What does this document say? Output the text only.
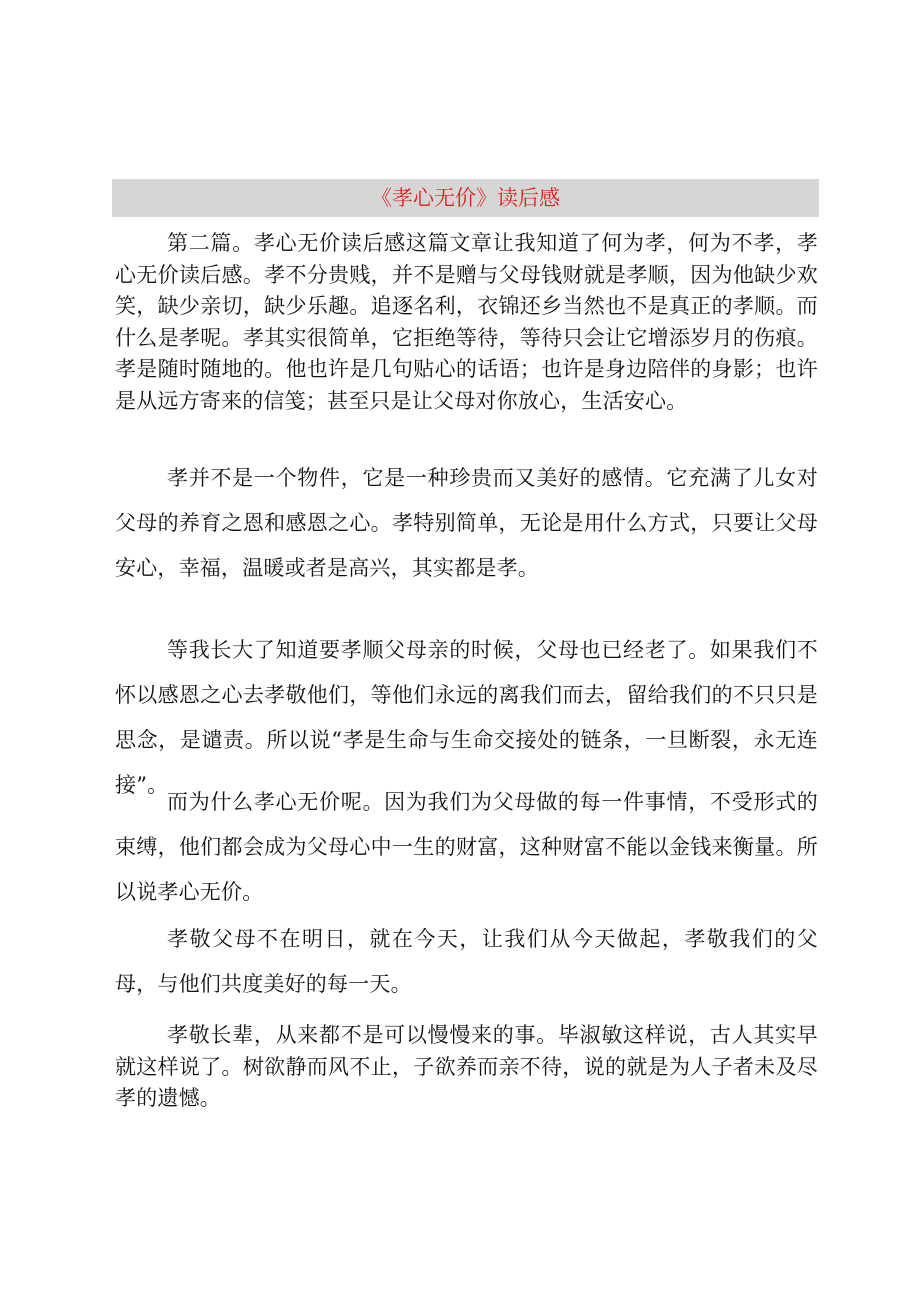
《孝心无价》读后感

第二篇。孝心无价读后感这篇文章让我知道了何为孝，何为不孝，孝心无价读后感。孝不分贵贱，并不是赠与父母钱财就是孝顺，因为他缺少欢笑，缺少亲切，缺少乐趣。追逐名利，衣锦还乡当然也不是真正的孝顺。而什么是孝呢。孝其实很简单，它拒绝等待，等待只会让它增添岁月的伤痕。孝是随时随地的。他也许是几句贴心的话语；也许是身边陪伴的身影；也许是从远方寄来的信笺；甚至只是让父母对你放心，生活安心。

孝并不是一个物件，它是一种珍贵而又美好的感情。它充满了儿女对父母的养育之恩和感恩之心。孝特别简单，无论是用什么方式，只要让父母安心，幸福，温暖或者是高兴，其实都是孝。

等我长大了知道要孝顺父母亲的时候，父母也已经老了。如果我们不怀以感恩之心去孝敬他们，等他们永远的离我们而去，留给我们的不只只是思念，是谴责。所以说“孝是生命与生命交接处的链条，一旦断裂，永无连接”。

而为什么孝心无价呢。因为我们为父母做的每一件事情，不受形式的束缚，他们都会成为父母心中一生的财富，这种财富不能以金钱来衡量。所以说孝心无价。

孝敬父母不在明日，就在今天，让我们从今天做起，孝敬我们的父母，与他们共度美好的每一天。

孝敬长辈，从来都不是可以慢慢来的事。毕淑敏这样说，古人其实早就这样说了。树欲静而风不止，子欲养而亲不待，说的就是为人子者未及尽孝的遗憾。
